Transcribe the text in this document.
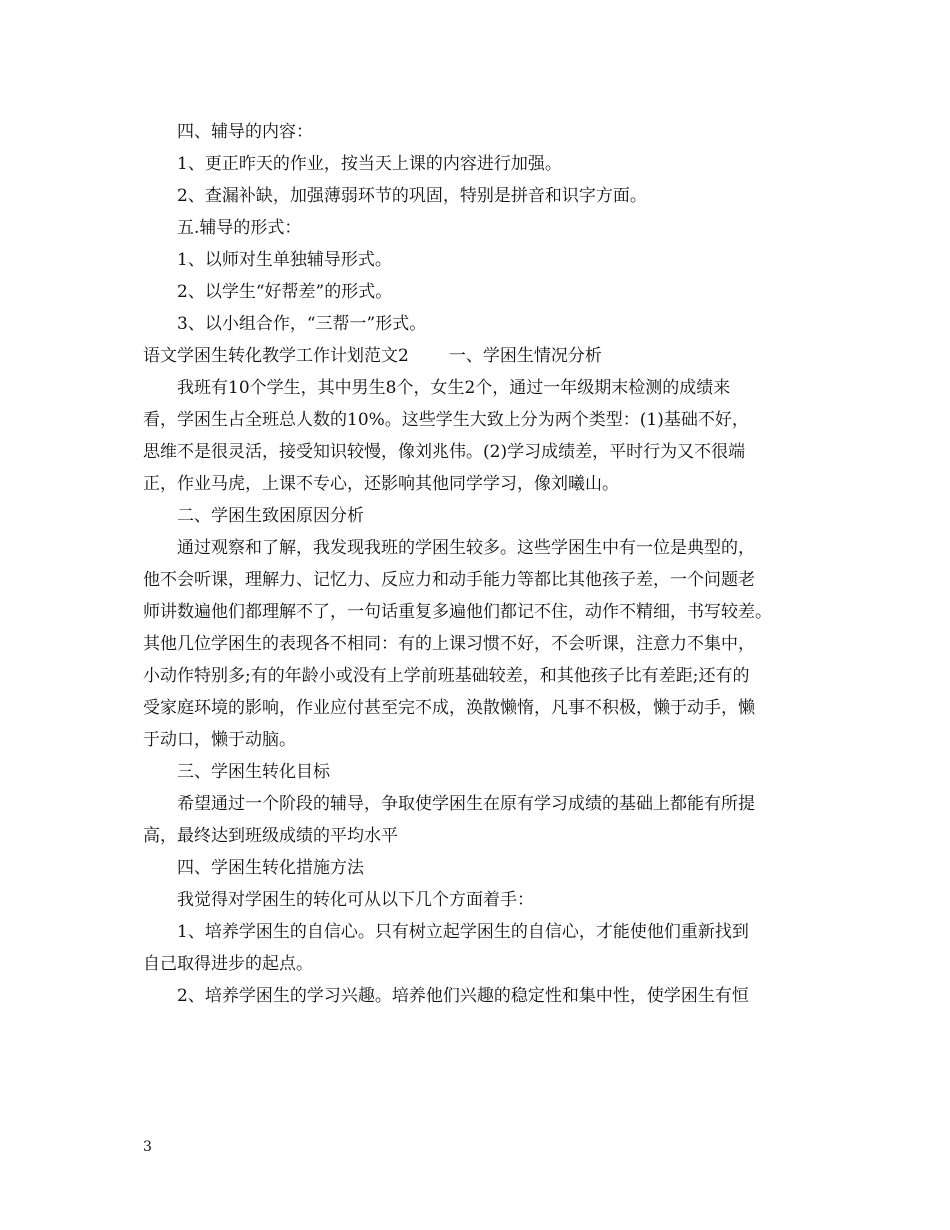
四、辅导的内容：

1、更正昨天的作业，按当天上课的内容进行加强。

2、查漏补缺，加强薄弱环节的巩固，特别是拼音和识字方面。

五.辅导的形式：

1、以师对生单独辅导形式。

2、以学生“好帮差”的形式。

3、以小组合作，“三帮一”形式。

语文学困生转化教学工作计划范文2 一、学困生情况分析

我班有10个学生，其中男生8个，女生2个，通过一年级期末检测的成绩来

看，学困生占全班总人数的10%。这些学生大致上分为两个类型：(1)基础不好，

思维不是很灵活，接受知识较慢，像刘兆伟。(2)学习成绩差，平时行为又不很端

正，作业马虎，上课不专心，还影响其他同学学习，像刘曦山。

二、学困生致困原因分析

通过观察和了解，我发现我班的学困生较多。这些学困生中有一位是典型的，

他不会听课，理解力、记忆力、反应力和动手能力等都比其他孩子差，一个问题老

师讲数遍他们都理解不了，一句话重复多遍他们都记不住，动作不精细，书写较差。

其他几位学困生的表现各不相同：有的上课习惯不好，不会听课，注意力不集中，

小动作特别多;有的年龄小或没有上学前班基础较差，和其他孩子比有差距;还有的

受家庭环境的影响，作业应付甚至完不成，涣散懒惰，凡事不积极，懒于动手，懒

于动口，懒于动脑。

三、学困生转化目标

希望通过一个阶段的辅导，争取使学困生在原有学习成绩的基础上都能有所提

高，最终达到班级成绩的平均水平

四、学困生转化措施方法

我觉得对学困生的转化可从以下几个方面着手：

1、培养学困生的自信心。只有树立起学困生的自信心，才能使他们重新找到

自己取得进步的起点。

2、培养学困生的学习兴趣。培养他们兴趣的稳定性和集中性，使学困生有恒

3
